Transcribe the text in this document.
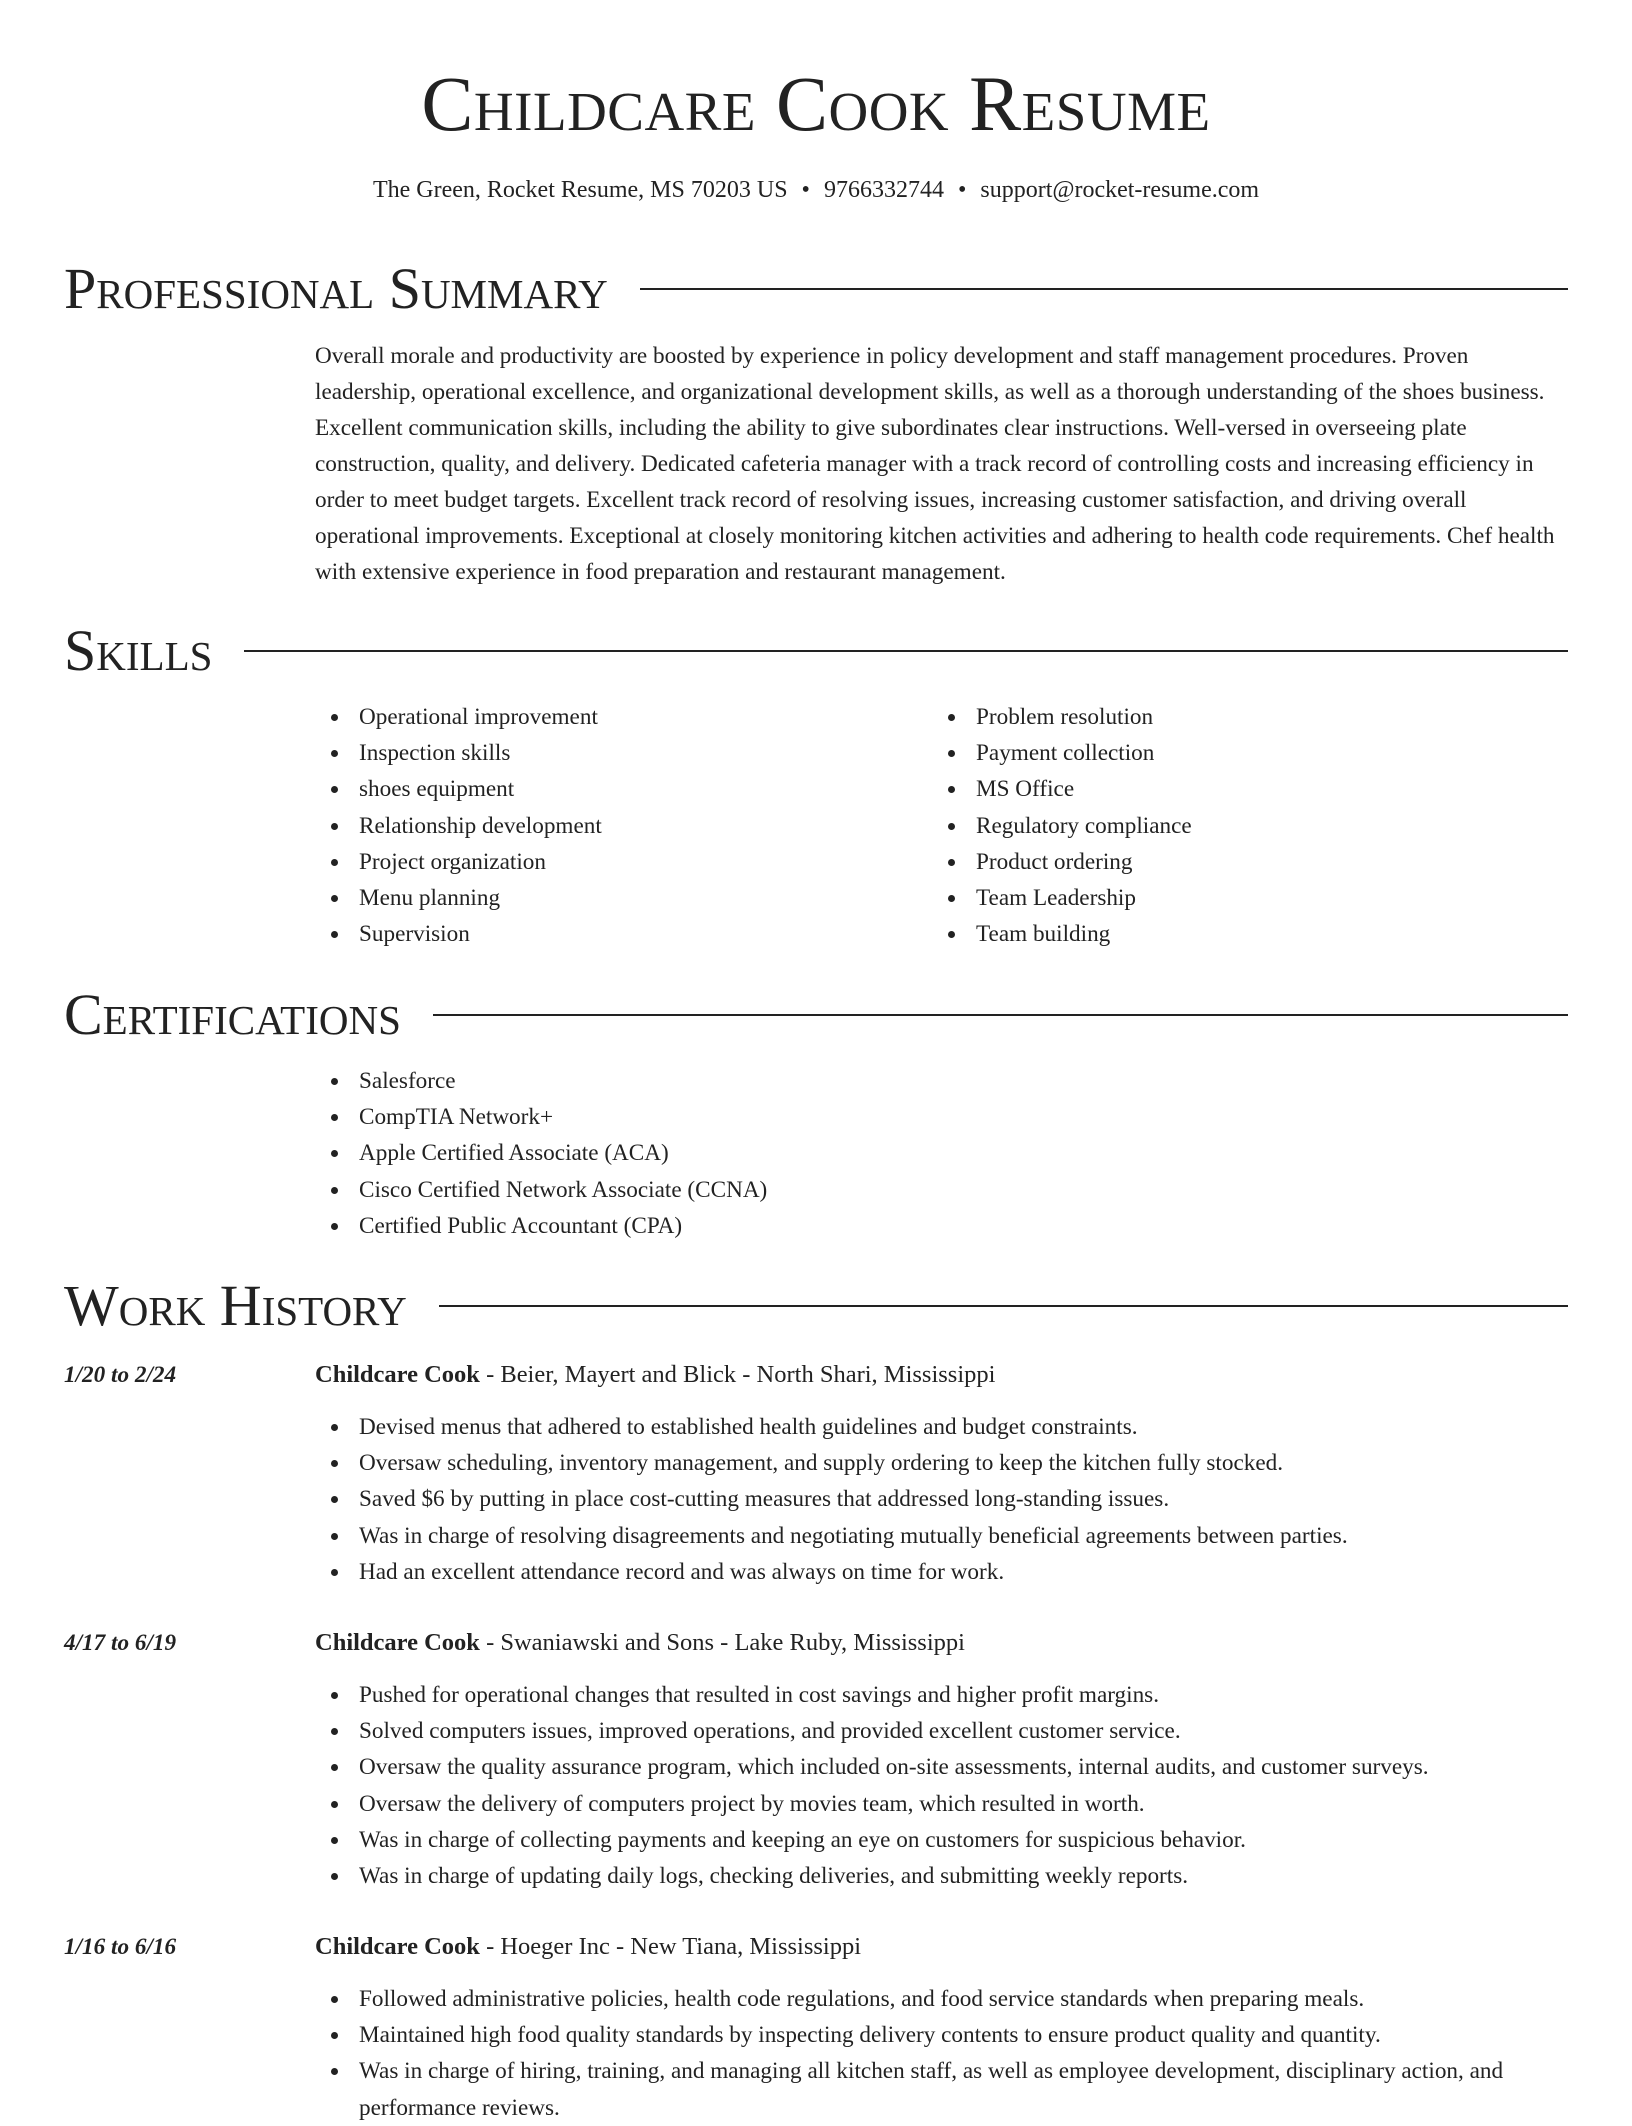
Childcare Cook Resume
The Green, Rocket Resume, MS 70203 US • 9766332744 • support@rocket-resume.com
Professional Summary

Overall morale and productivity are boosted by experience in policy development and staff management procedures. Proven leadership, operational excellence, and organizational development skills, as well as a thorough understanding of the shoes business. Excellent communication skills, including the ability to give subordinates clear instructions. Well-versed in overseeing plate construction, quality, and delivery. Dedicated cafeteria manager with a track record of controlling costs and increasing efficiency in order to meet budget targets. Excellent track record of resolving issues, increasing customer satisfaction, and driving overall operational improvements. Exceptional at closely monitoring kitchen activities and adhering to health code requirements. Chef health with extensive experience in food preparation and restaurant management.

Skills
Operational improvement
Inspection skills
shoes equipment
Relationship development
Project organization
Menu planning
Supervision
Problem resolution
Payment collection
MS Office
Regulatory compliance
Product ordering
Team Leadership
Team building
Certifications
Salesforce
CompTIA Network+
Apple Certified Associate (ACA)
Cisco Certified Network Associate (CCNA)
Certified Public Accountant (CPA)
Work History
1/20 to 2/24	Childcare Cook - Beier, Mayert and Blick - North Shari, Mississippi
Devised menus that adhered to established health guidelines and budget constraints.
Oversaw scheduling, inventory management, and supply ordering to keep the kitchen fully stocked.
Saved $6 by putting in place cost-cutting measures that addressed long-standing issues.
Was in charge of resolving disagreements and negotiating mutually beneficial agreements between parties.
Had an excellent attendance record and was always on time for work.
4/17 to 6/19	Childcare Cook - Swaniawski and Sons - Lake Ruby, Mississippi
Pushed for operational changes that resulted in cost savings and higher profit margins.
Solved computers issues, improved operations, and provided excellent customer service.
Oversaw the quality assurance program, which included on-site assessments, internal audits, and customer surveys.
Oversaw the delivery of computers project by movies team, which resulted in worth.
Was in charge of collecting payments and keeping an eye on customers for suspicious behavior.
Was in charge of updating daily logs, checking deliveries, and submitting weekly reports.
1/16 to 6/16	Childcare Cook - Hoeger Inc - New Tiana, Mississippi
Followed administrative policies, health code regulations, and food service standards when preparing meals.
Maintained high food quality standards by inspecting delivery contents to ensure product quality and quantity.
Was in charge of hiring, training, and managing all kitchen staff, as well as employee development, disciplinary action, and performance reviews.
